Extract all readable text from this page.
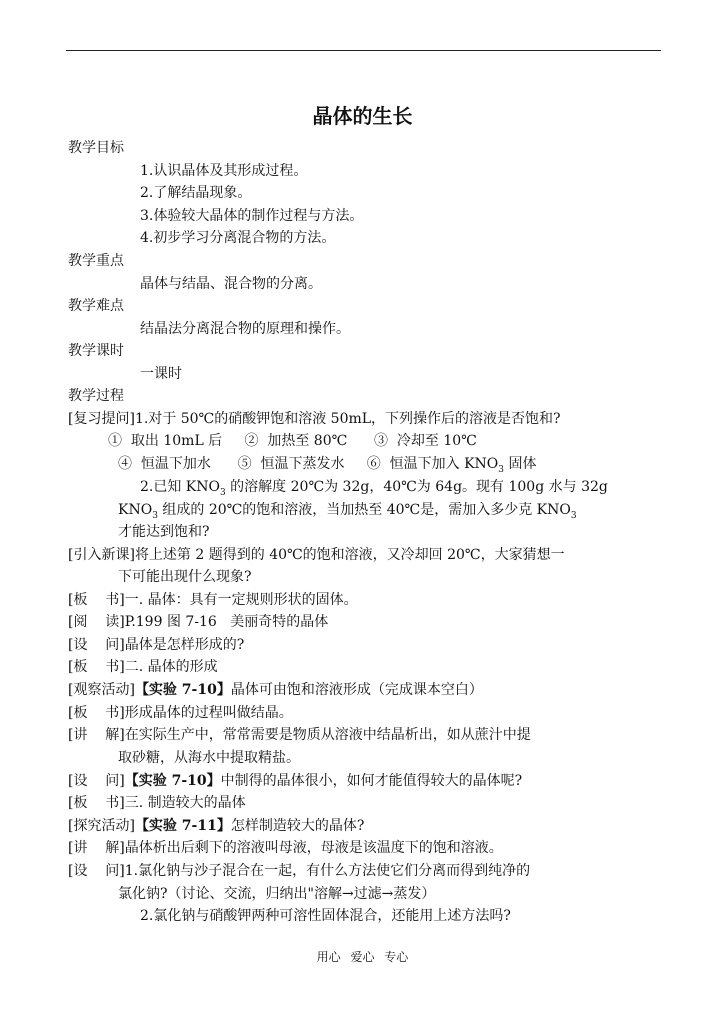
晶体的生长
教学目标
1.认识晶体及其形成过程。
2.了解结晶现象。
3.体验较大晶体的制作过程与方法。
4.初步学习分离混合物的方法。
教学重点
晶体与结晶、混合物的分离。
教学难点
结晶法分离混合物的原理和操作。
教学课时
一课时
教学过程
[复习提问]1.对于 50℃的硝酸钾饱和溶液 50mL，下列操作后的溶液是否饱和?
①  取出 10mL 后     ②  加热至 80℃      ③  冷却至 10℃
④  恒温下加水      ⑤  恒温下蒸发水     ⑥  恒温下加入 $KNO_3$ 固体
2.已知 $KNO_3$ 的溶解度 20℃为 32g，40℃为 64g。现有 100g 水与 32g
$KNO_3$ 组成的 20℃的饱和溶液，当加热至 40℃是，需加入多少克 $KNO_3$
才能达到饱和?
[引入新课]将上述第 2 题得到的 40℃的饱和溶液，又冷却回 20℃，大家猜想一
下可能出现什么现象?
[板    书]一. 晶体：具有一定规则形状的固体。
[阅    读]P.199 图 7-16   美丽奇特的晶体
[设    问]晶体是怎样形成的?
[板    书]二. 晶体的形成
[观察活动]【实验 7-10】晶体可由饱和溶液形成（完成课本空白）
[板    书]形成晶体的过程叫做结晶。
[讲    解]在实际生产中，常常需要是物质从溶液中结晶析出，如从蔗汁中提
取砂糖，从海水中提取精盐。
[设    问]【实验 7-10】中制得的晶体很小，如何才能值得较大的晶体呢?
[板    书]三. 制造较大的晶体
[探究活动]【实验 7-11】怎样制造较大的晶体?
[讲    解]晶体析出后剩下的溶液叫母液，母液是该温度下的饱和溶液。
[设    问]1.氯化钠与沙子混合在一起，有什么方法使它们分离而得到纯净的
氯化钠?（讨论、交流，归纳出"溶解→过滤→蒸发）
2.氯化钠与硝酸钾两种可溶性固体混合，还能用上述方法吗?
用心 爱心 专心
